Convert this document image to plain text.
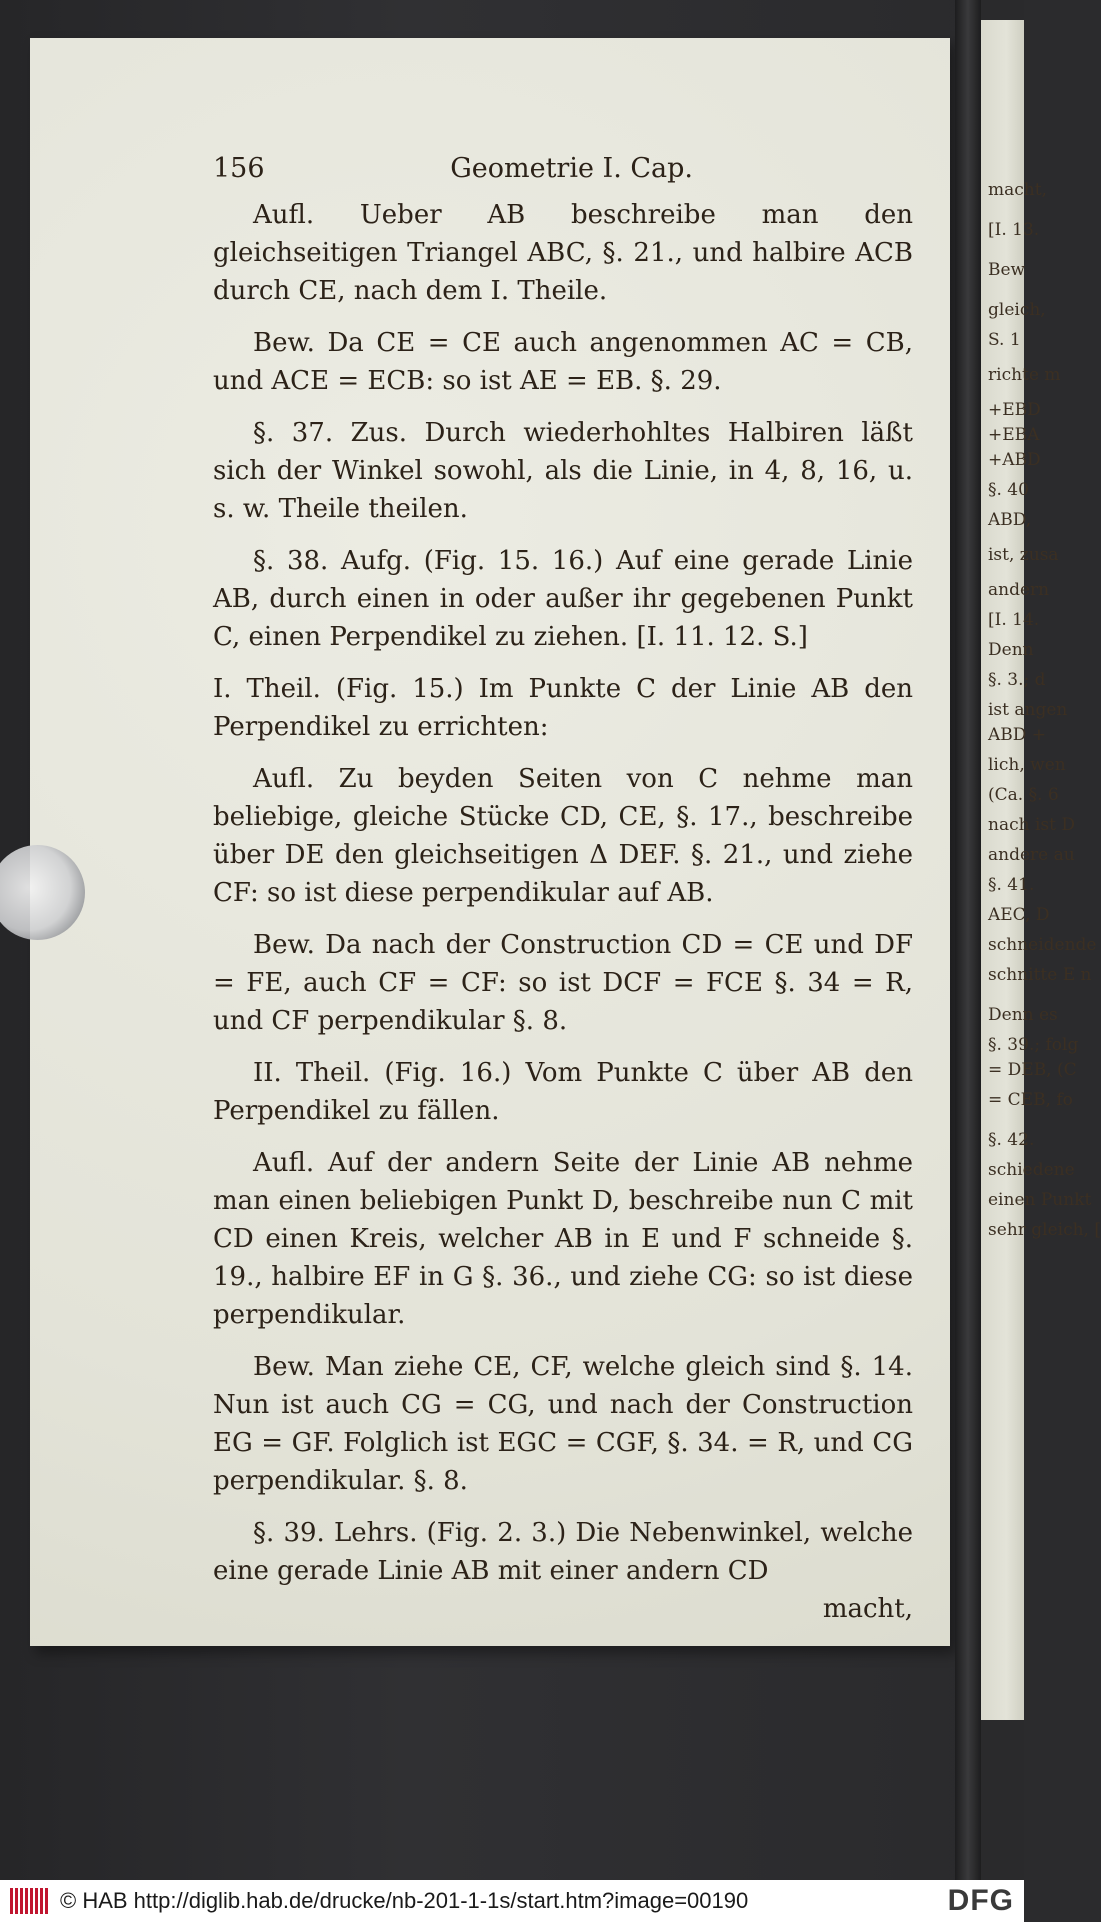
macht,
[I. 13.
Bew
gleich,
S. 1
richte m
+EBD
+EBA
+ABD
§. 40
ABD,
ist, zusa
andern
[I. 14.
Denn
§. 3.; d
ist angen
ABD +
lich, wen
(Ca. §. 6
nach ist D
andere au
§. 41.
AEC, D
schneidende
schnitte E n
Denn es
§. 39.; folg
= DEB, (C
= CEB, fo
§. 42.
schiedene
einen Punkt
sehr gleich, [
156	Geometrie I. Cap.

Aufl. Ueber AB beschreibe man den gleichseitigen Triangel ABC, §. 21., und halbire ACB durch CE, nach dem I. Theile.

Bew. Da CE = CE auch angenommen AC = CB, und ACE = ECB: so ist AE = EB. §. 29.

§. 37. Zus. Durch wiederhohltes Halbiren läßt sich der Winkel sowohl, als die Linie, in 4, 8, 16, u. s. w. Theile theilen.

§. 38. Aufg. (Fig. 15. 16.) Auf eine gerade Linie AB, durch einen in oder außer ihr gegebenen Punkt C, einen Perpendikel zu ziehen. [I. 11. 12. S.]

I. Theil. (Fig. 15.) Im Punkte C der Linie AB den Perpendikel zu errichten:

Aufl. Zu beyden Seiten von C nehme man beliebige, gleiche Stücke CD, CE, §. 17., beschreibe über DE den gleichseitigen Δ DEF. §. 21., und ziehe CF: so ist diese perpendikular auf AB.

Bew. Da nach der Construction CD = CE und DF = FE, auch CF = CF: so ist DCF = FCE §. 34 = R, und CF perpendikular §. 8.

II. Theil. (Fig. 16.) Vom Punkte C über AB den Perpendikel zu fällen.

Aufl. Auf der andern Seite der Linie AB nehme man einen beliebigen Punkt D, beschreibe nun C mit CD einen Kreis, welcher AB in E und F schneide §. 19., halbire EF in G §. 36., und ziehe CG: so ist diese perpendikular.

Bew. Man ziehe CE, CF, welche gleich sind §. 14. Nun ist auch CG = CG, und nach der Construction EG = GF. Folglich ist EGC = CGF, §. 34. = R, und CG perpendikular. §. 8.

§. 39. Lehrs. (Fig. 2. 3.) Die Nebenwinkel, welche eine gerade Linie AB mit einer andern CD

macht,
© HAB http://diglib.hab.de/drucke/nb-201-1-1s/start.htm?image=00190	DFG
